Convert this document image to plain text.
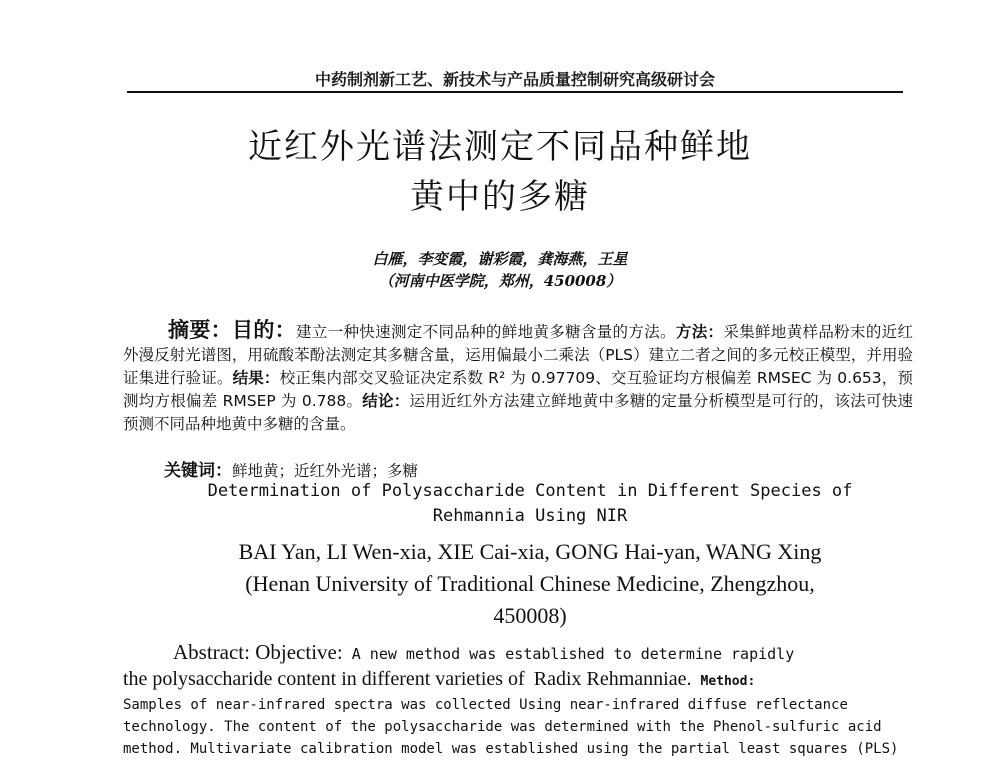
中药制剂新工艺、新技术与产品质量控制研究高级研讨会
近红外光谱法测定不同品种鲜地
黄中的多糖
白雁，李变霞，谢彩霞，龚海燕，王星
（河南中医学院，郑州，450008）
摘要：目的：建立一种快速测定不同品种的鲜地黄多糖含量的方法。方法：采集鲜地黄样品粉末的近红外漫反射光谱图，用硫酸苯酚法测定其多糖含量，运用偏最小二乘法（PLS）建立二者之间的多元校正模型，并用验证集进行验证。结果：校正集内部交叉验证决定系数 R² 为 0.97709、交互验证均方根偏差 RMSEC 为 0.653，预测均方根偏差 RMSEP 为 0.788。结论：运用近红外方法建立鲜地黄中多糖的定量分析模型是可行的，该法可快速预测不同品种地黄中多糖的含量。
关键词：鲜地黄；近红外光谱；多糖
Determination of Polysaccharide Content in Different Species of
Rehmannia Using NIR
BAI Yan, LI Wen-xia, XIE Cai-xia, GONG Hai-yan, WANG Xing
(Henan University of Traditional Chinese Medicine, Zhengzhou,
450008)
Abstract: Objective: A new method was established to determine rapidly
the polysaccharide content in different varieties of Radix Rehmanniae. Method:
Samples of near-infrared spectra was collected Using near-infrared diffuse reflectance
technology. The content of the polysaccharide was determined with the Phenol-sulfuric acid
method. Multivariate calibration model was established using the partial least squares (PLS)
